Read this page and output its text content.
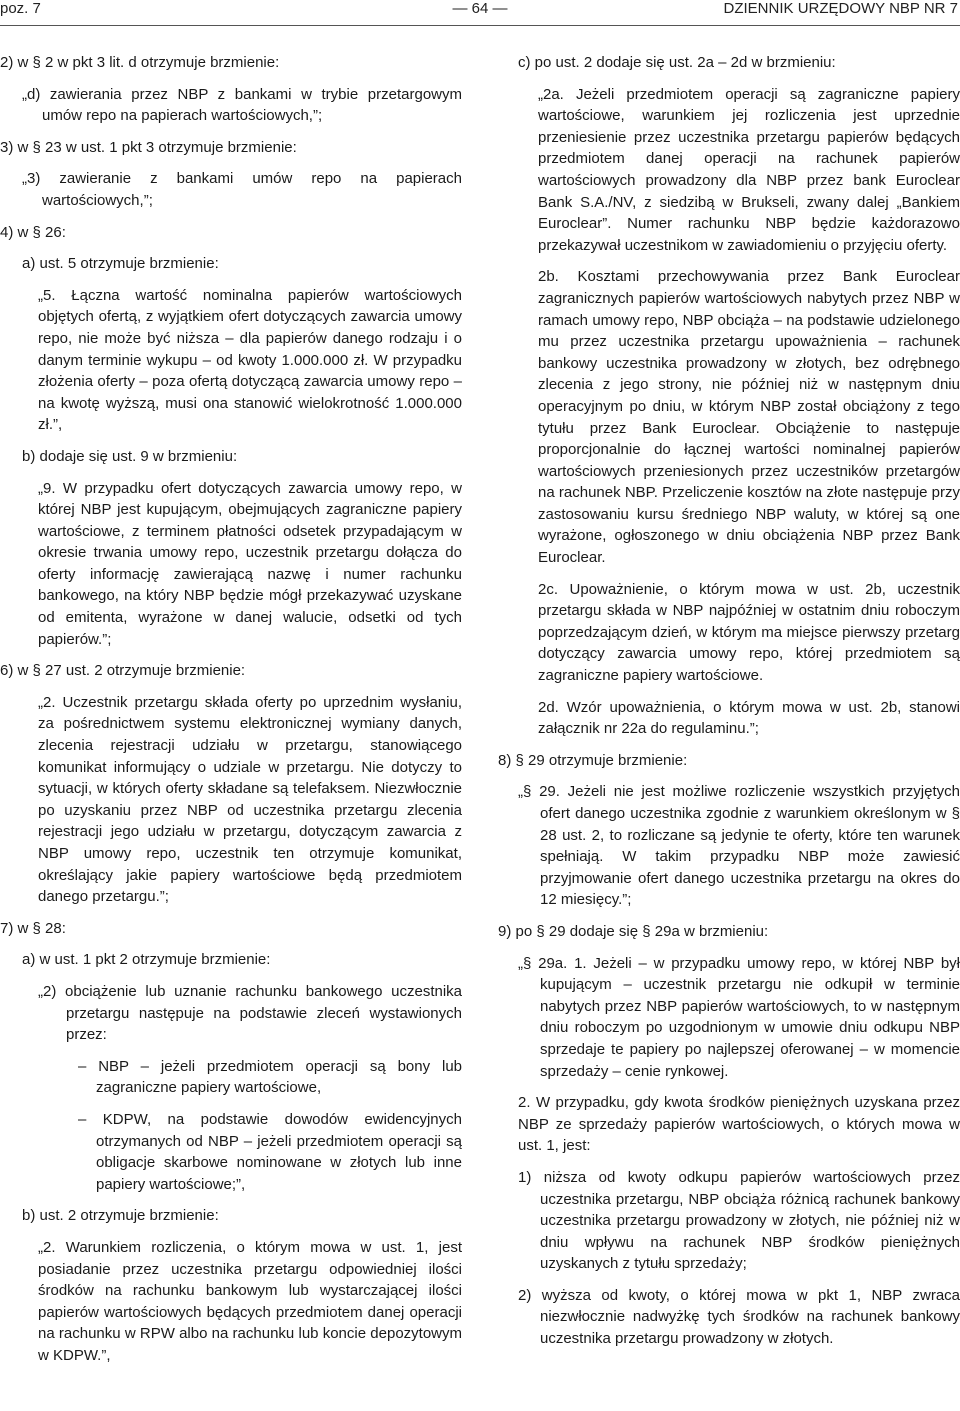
poz. 7	— 64 —	DZIENNIK URZĘDOWY NBP NR 7

2) w § 2 w pkt 3 lit. d otrzymuje brzmienie:

„d) zawierania przez NBP z bankami w trybie przetargowym umów repo na papierach wartościowych,”;

3) w § 23 w ust. 1 pkt 3 otrzymuje brzmienie:

„3) zawieranie z bankami umów repo na papierach wartościowych,”;

4) w § 26:

a) ust. 5 otrzymuje brzmienie:

„5. Łączna wartość nominalna papierów wartościowych objętych ofertą, z wyjątkiem ofert dotyczących zawarcia umowy repo, nie może być niższa – dla papierów danego rodzaju i o danym terminie wykupu – od kwoty 1.000.000 zł. W przypadku złożenia oferty – poza ofertą dotyczącą zawarcia umowy repo – na kwotę wyższą, musi ona stanowić wielokrotność 1.000.000 zł.”,

b) dodaje się ust. 9 w brzmieniu:

„9. W przypadku ofert dotyczących zawarcia umowy repo, w której NBP jest kupującym, obejmujących zagraniczne papiery wartościowe, z terminem płatności odsetek przypadającym w okresie trwania umowy repo, uczestnik przetargu dołącza do oferty informację zawierającą nazwę i numer rachunku bankowego, na który NBP będzie mógł przekazywać uzyskane od emitenta, wyrażone w danej walucie, odsetki od tych papierów.”;

6) w § 27 ust. 2 otrzymuje brzmienie:

„2. Uczestnik przetargu składa oferty po uprzednim wysłaniu, za pośrednictwem systemu elektronicznej wymiany danych, zlecenia rejestracji udziału w przetargu, stanowiącego komunikat informujący o udziale w przetargu. Nie dotyczy to sytuacji, w których oferty składane są telefaksem. Niezwłocznie po uzyskaniu przez NBP od uczestnika przetargu zlecenia rejestracji jego udziału w przetargu, dotyczącym zawarcia z NBP umowy repo, uczestnik ten otrzymuje komunikat, określający jakie papiery wartościowe będą przedmiotem danego przetargu.”;

7) w § 28:

a) w ust. 1 pkt 2 otrzymuje brzmienie:

„2) obciążenie lub uznanie rachunku bankowego uczestnika przetargu następuje na podstawie zleceń wystawionych przez:

– NBP – jeżeli przedmiotem operacji są bony lub zagraniczne papiery wartościowe,

– KDPW, na podstawie dowodów ewidencyjnych otrzymanych od NBP – jeżeli przedmiotem operacji są obligacje skarbowe nominowane w złotych lub inne papiery wartościowe;”,

b) ust. 2 otrzymuje brzmienie:

„2. Warunkiem rozliczenia, o którym mowa w ust. 1, jest posiadanie przez uczestnika przetargu odpowiedniej ilości środków na rachunku bankowym lub wystarczającej ilości papierów wartościowych będących przedmiotem danej operacji na rachunku w RPW albo na rachunku lub koncie depozytowym w KDPW.”,

c) po ust. 2 dodaje się ust. 2a – 2d w brzmieniu:

„2a. Jeżeli przedmiotem operacji są zagraniczne papiery wartościowe, warunkiem jej rozliczenia jest uprzednie przeniesienie przez uczestnika przetargu papierów będących przedmiotem danej operacji na rachunek papierów wartościowych prowadzony dla NBP przez bank Euroclear Bank S.A./NV, z siedzibą w Brukseli, zwany dalej „Bankiem Euroclear”. Numer rachunku NBP będzie każdorazowo przekazywał uczestnikom w zawiadomieniu o przyjęciu oferty.

2b. Kosztami przechowywania przez Bank Euroclear zagranicznych papierów wartościowych nabytych przez NBP w ramach umowy repo, NBP obciąża – na podstawie udzielonego mu przez uczestnika przetargu upoważnienia – rachunek bankowy uczestnika prowadzony w złotych, bez odrębnego zlecenia z jego strony, nie później niż w następnym dniu operacyjnym po dniu, w którym NBP został obciążony z tego tytułu przez Bank Euroclear. Obciążenie to następuje proporcjonalnie do łącznej wartości nominalnej papierów wartościowych przeniesionych przez uczestników przetargów na rachunek NBP. Przeliczenie kosztów na złote następuje przy zastosowaniu kursu średniego NBP waluty, w której są one wyrażone, ogłoszonego w dniu obciążenia NBP przez Bank Euroclear.

2c. Upoważnienie, o którym mowa w ust. 2b, uczestnik przetargu składa w NBP najpóźniej w ostatnim dniu roboczym poprzedzającym dzień, w którym ma miejsce pierwszy przetarg dotyczący zawarcia umowy repo, której przedmiotem są zagraniczne papiery wartościowe.

2d. Wzór upoważnienia, o którym mowa w ust. 2b, stanowi załącznik nr 22a do regulaminu.”;

8) § 29 otrzymuje brzmienie:

„§ 29. Jeżeli nie jest możliwe rozliczenie wszystkich przyjętych ofert danego uczestnika zgodnie z warunkiem określonym w § 28 ust. 2, to rozliczane są jedynie te oferty, które ten warunek spełniają. W takim przypadku NBP może zawiesić przyjmowanie ofert danego uczestnika przetargu na okres do 12 miesięcy.”;

9) po § 29 dodaje się § 29a w brzmieniu:

„§ 29a. 1. Jeżeli – w przypadku umowy repo, w której NBP był kupującym – uczestnik przetargu nie odkupił w terminie nabytych przez NBP papierów wartościowych, to w następnym dniu roboczym po uzgodnionym w umowie dniu odkupu NBP sprzedaje te papiery po najlepszej oferowanej – w momencie sprzedaży – cenie rynkowej.

2. W przypadku, gdy kwota środków pieniężnych uzyskana przez NBP ze sprzedaży papierów wartościowych, o których mowa w ust. 1, jest:

1) niższa od kwoty odkupu papierów wartościowych przez uczestnika przetargu, NBP obciąża różnicą rachunek bankowy uczestnika przetargu prowadzony w złotych, nie później niż w dniu wpływu na rachunek NBP środków pieniężnych uzyskanych z tytułu sprzedaży;

2) wyższa od kwoty, o której mowa w pkt 1, NBP zwraca niezwłocznie nadwyżkę tych środków na rachunek bankowy uczestnika przetargu prowadzony w złotych.
